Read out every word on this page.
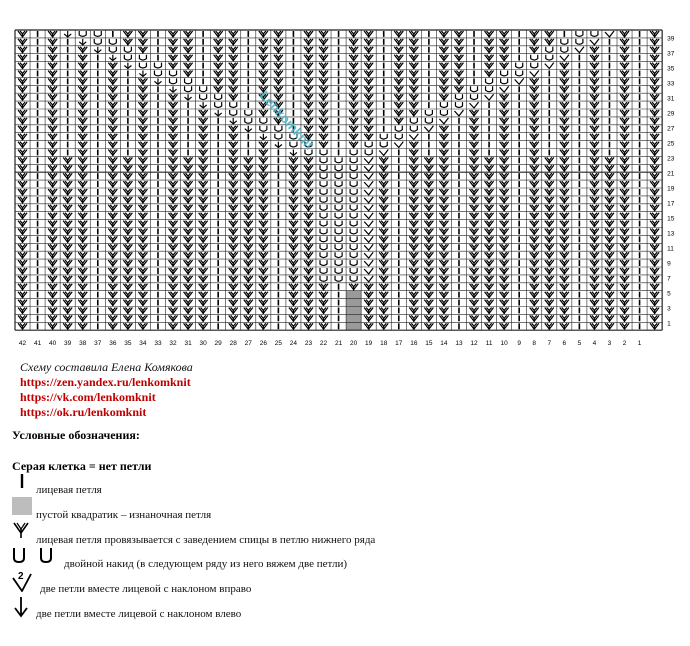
39
37
35
33
31
29
27
25
23
21
19
17
15
13
11
9
7
5
3
1
42 41 40 39 38 37 36 35 34 33 32 31 30 29 28 27 26 25 24 23 22 21 20 19 18 17 16 15 14 13 12 11 10 9 8 7 6 5 4 3 2 1
Lenkomknit
Схему составила Елена Комякова
https://zen.yandex.ru/lenkomknit
https://vk.com/lenkomknit
https://ok.ru/lenkomknit
Условные обозначения:
Серая клетка = нет петли
лицевая петля
пустой квадратик – изнаночная петля
лицевая петля провязывается с заведением спицы в петлю нижнего ряда
двойной накид (в следующем ряду из него вяжем две петли)
2
две петли вместе лицевой с наклоном вправо
две петли вместе лицевой с наклоном влево
